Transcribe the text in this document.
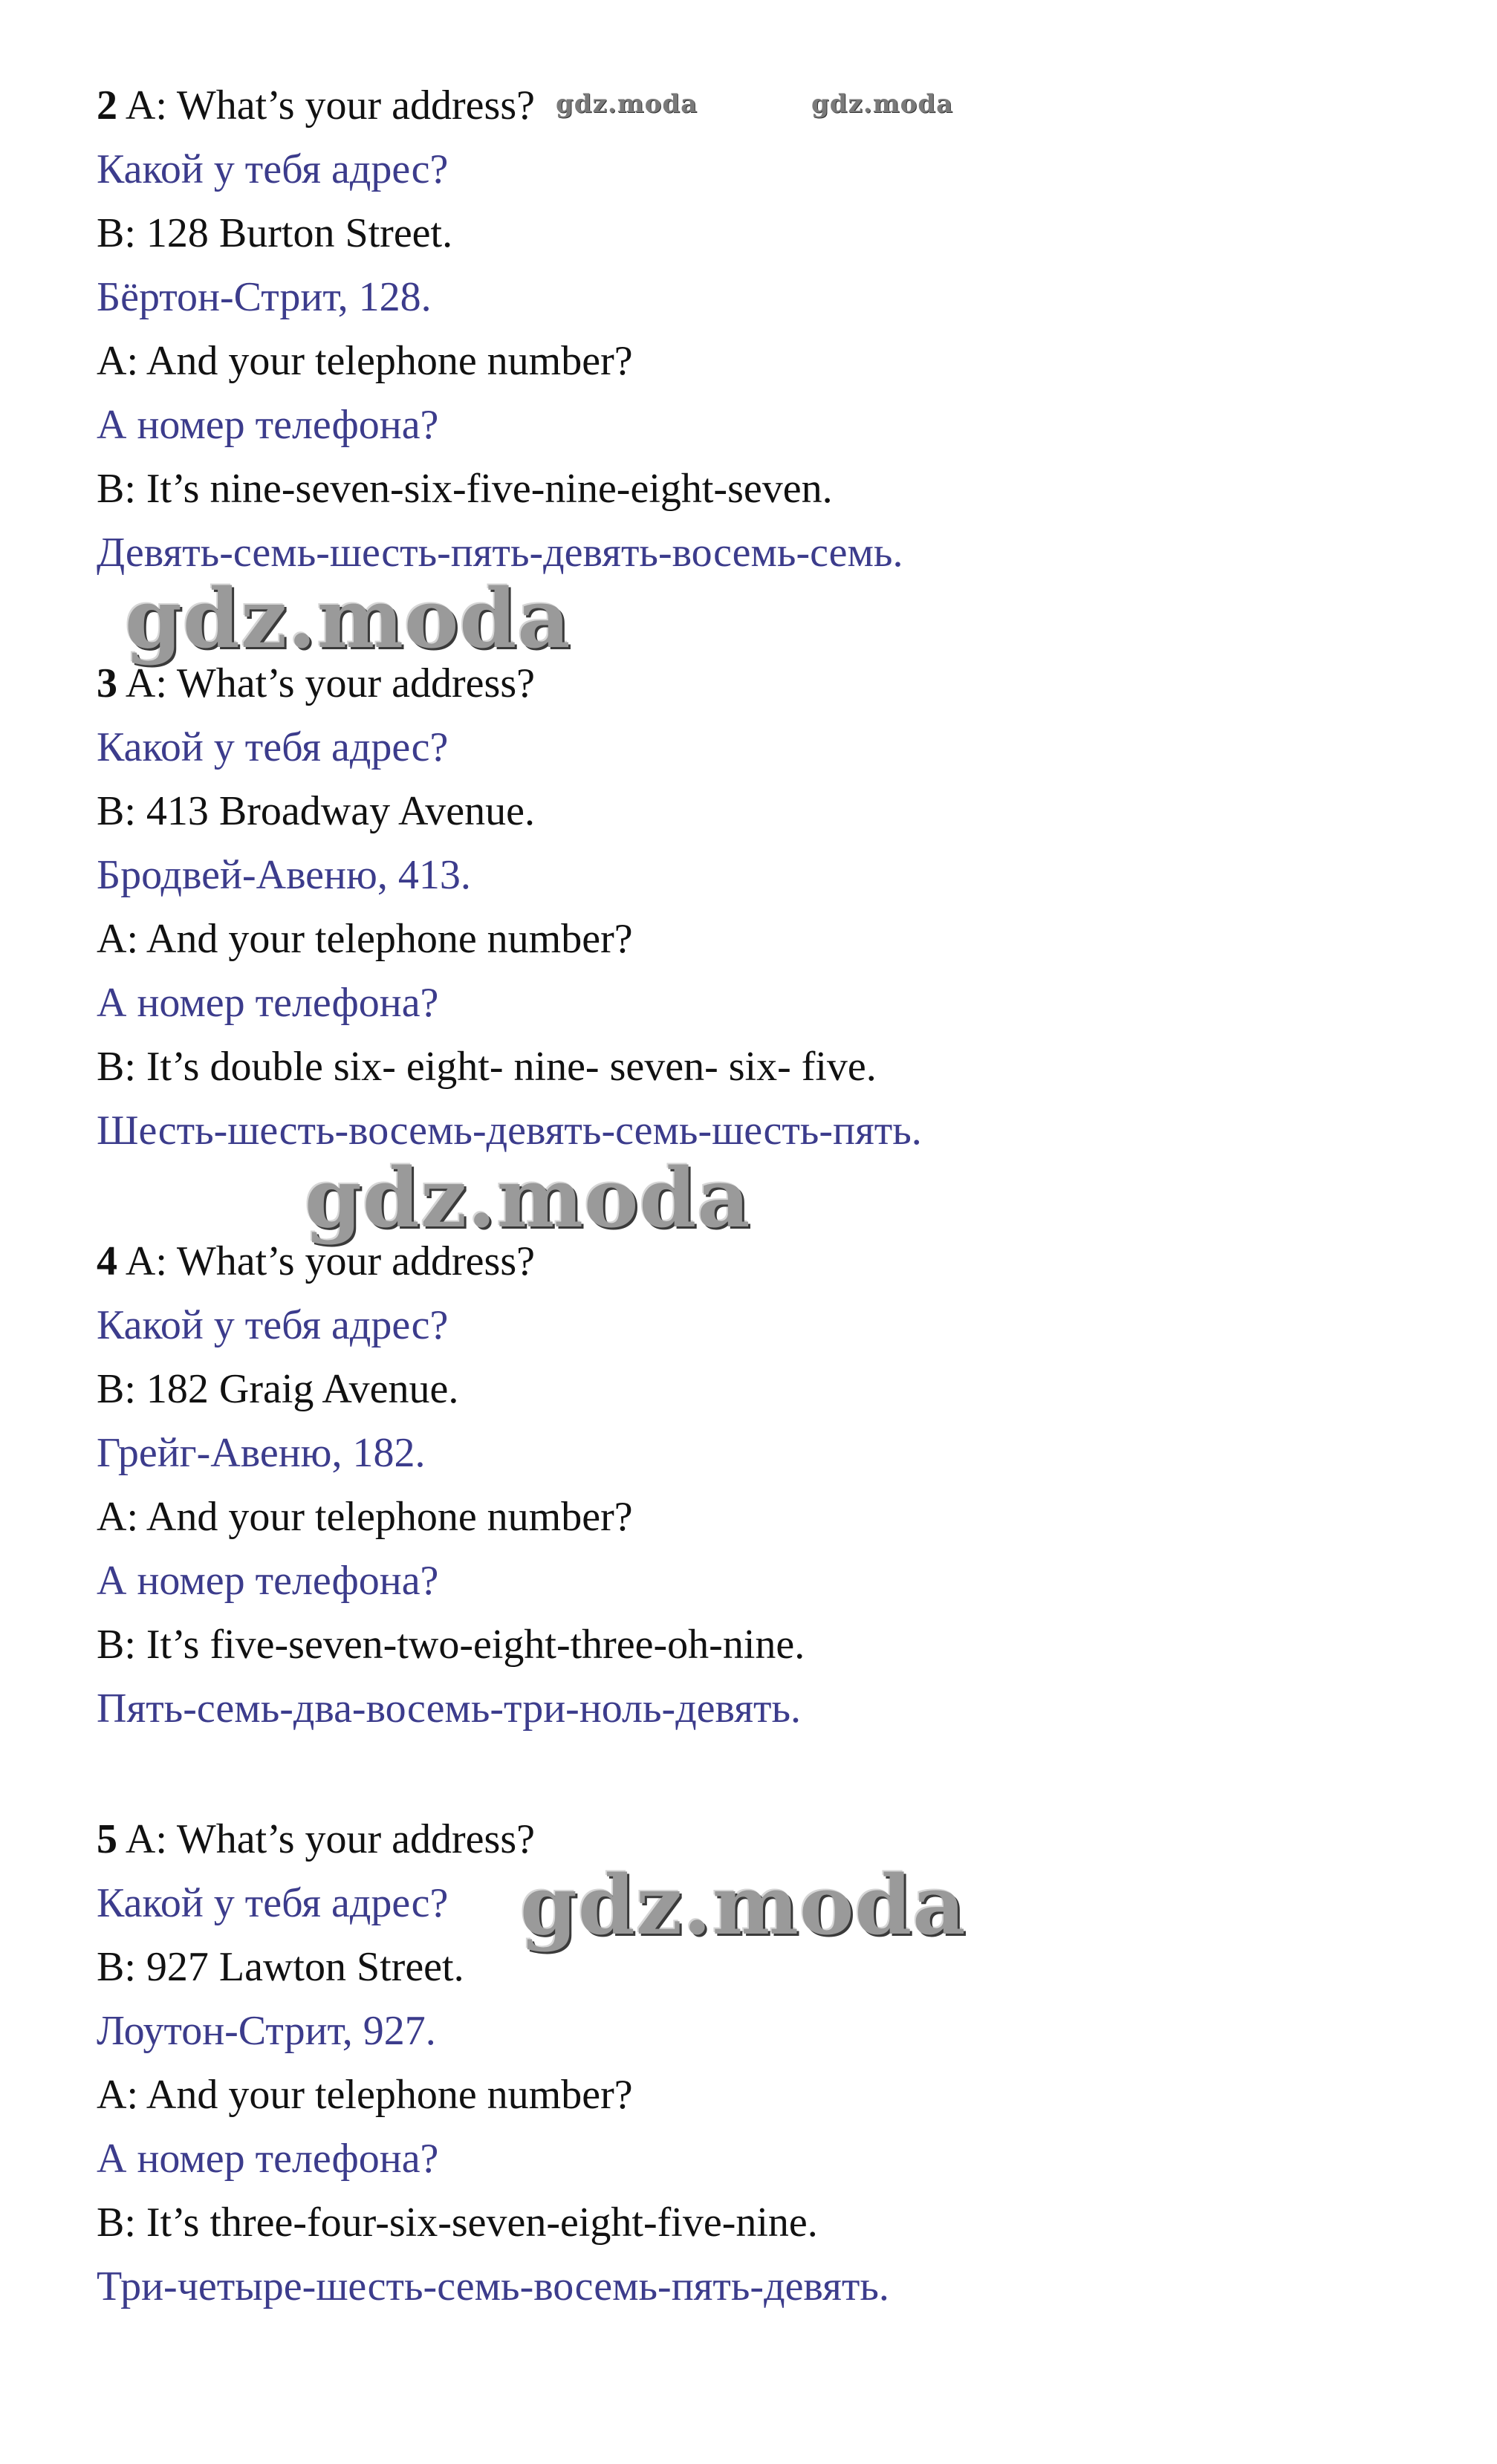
2 A: What’s your address?
Какой у тебя адрес?
B: 128 Burton Street.
Бёртон-Стрит, 128.
A: And your telephone number?
А номер телефона?
B: It’s nine-seven-six-five-nine-eight-seven.
Девять-семь-шесть-пять-девять-восемь-семь.
3 A: What’s your address?
Какой у тебя адрес?
B: 413 Broadway Avenue.
Бродвей-Авеню, 413.
A: And your telephone number?
А номер телефона?
B: It’s double six- eight- nine- seven- six- five.
Шесть-шесть-восемь-девять-семь-шесть-пять.
4 A: What’s your address?
Какой у тебя адрес?
B: 182 Graig Avenue.
Грейг-Авеню, 182.
A: And your telephone number?
А номер телефона?
B: It’s five-seven-two-eight-three-oh-nine.
Пять-семь-два-восемь-три-ноль-девять.
5 A: What’s your address?
Какой у тебя адрес?
B: 927 Lawton Street.
Лоутон-Стрит, 927.
A: And your telephone number?
А номер телефона?
B: It’s three-four-six-seven-eight-five-nine.
Три-четыре-шесть-семь-восемь-пять-девять.
gdz.moda	gdz.moda
gdz.moda
gdz.moda
gdz.moda
